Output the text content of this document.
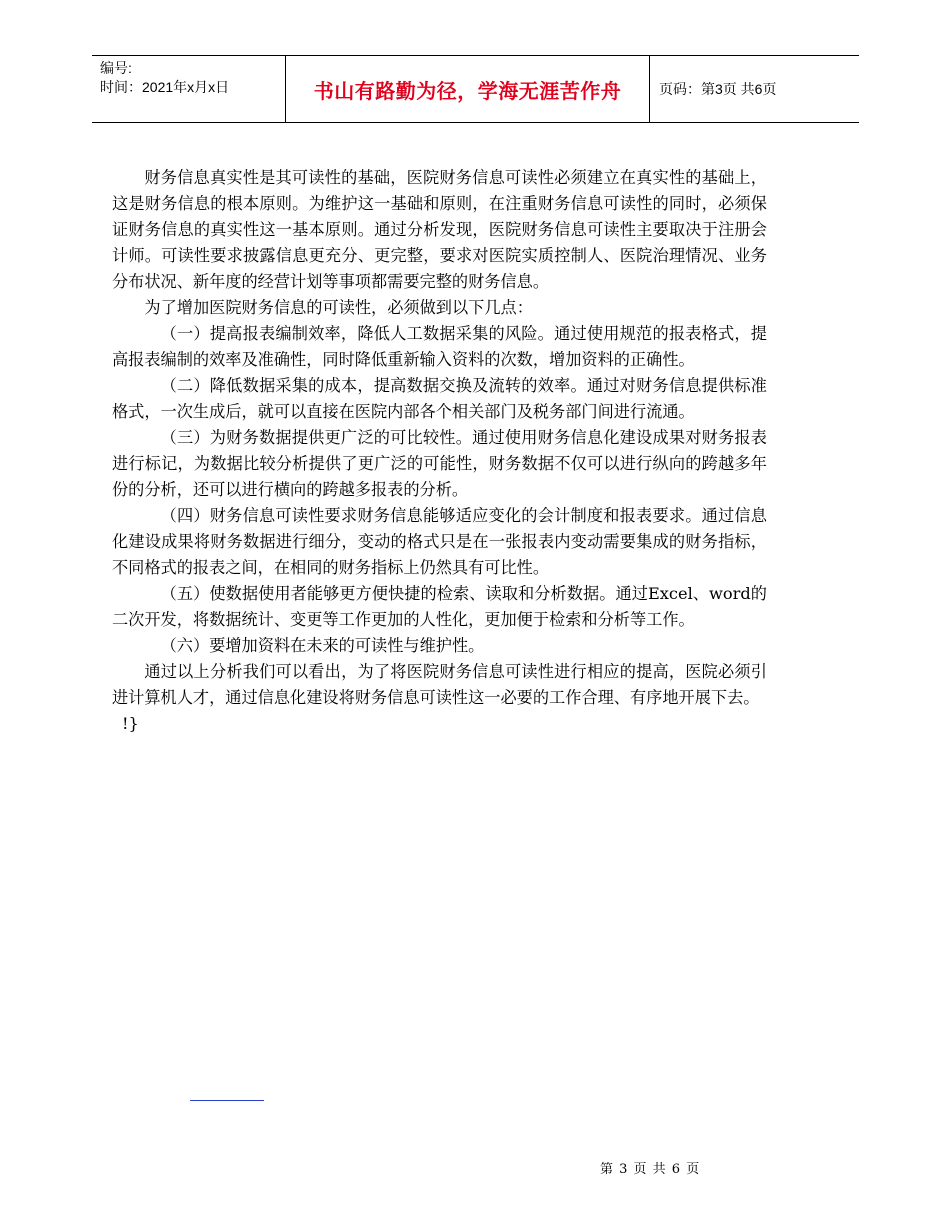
编号:
时间：2021年x月x日	书山有路勤为径，学海无涯苦作舟	页码：第3页 共6页

财务信息真实性是其可读性的基础，医院财务信息可读性必须建立在真实性的基础上，这是财务信息的根本原则。为维护这一基础和原则，在注重财务信息可读性的同时，必须保证财务信息的真实性这一基本原则。通过分析发现，医院财务信息可读性主要取决于注册会计师。可读性要求披露信息更充分、更完整，要求对医院实质控制人、医院治理情况、业务分布状况、新年度的经营计划等事项都需要完整的财务信息。

为了增加医院财务信息的可读性，必须做到以下几点：

（一）提高报表编制效率，降低人工数据采集的风险。通过使用规范的报表格式，提高报表编制的效率及准确性，同时降低重新输入资料的次数，增加资料的正确性。

（二）降低数据采集的成本，提高数据交换及流转的效率。通过对财务信息提供标准格式，一次生成后，就可以直接在医院内部各个相关部门及税务部门间进行流通。

（三）为财务数据提供更广泛的可比较性。通过使用财务信息化建设成果对财务报表进行标记，为数据比较分析提供了更广泛的可能性，财务数据不仅可以进行纵向的跨越多年份的分析，还可以进行横向的跨越多报表的分析。

（四）财务信息可读性要求财务信息能够适应变化的会计制度和报表要求。通过信息化建设成果将财务数据进行细分，变动的格式只是在一张报表内变动需要集成的财务指标，不同格式的报表之间，在相同的财务指标上仍然具有可比性。

（五）使数据使用者能够更方便快捷的检索、读取和分析数据。通过Excel、word的二次开发，将数据统计、变更等工作更加的人性化，更加便于检索和分析等工作。

（六）要增加资料在未来的可读性与维护性。

通过以上分析我们可以看出，为了将医院财务信息可读性进行相应的提高，医院必须引进计算机人才，通过信息化建设将财务信息可读性这一必要的工作合理、有序地开展下去。

!}

第 3 页 共 6 页
